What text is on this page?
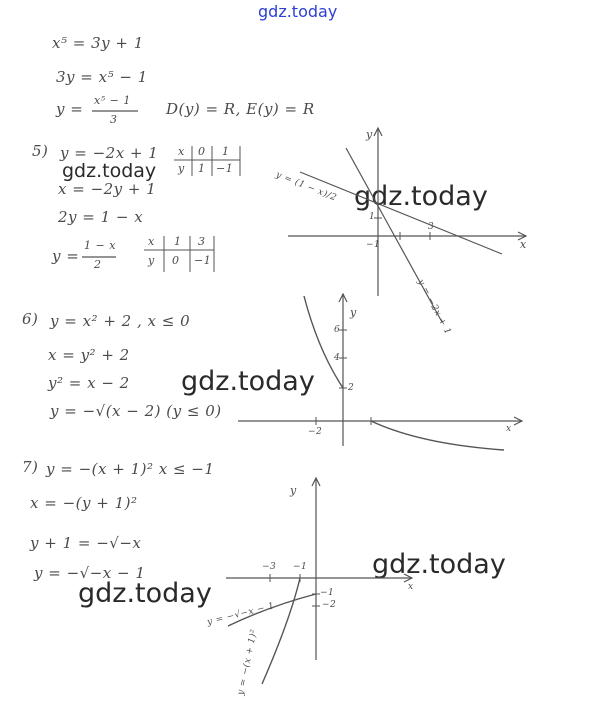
gdz.today
gdz.today
gdz.today
gdz.today
gdz.today
gdz.today
x⁵ = 3y + 1
3y = x⁵ − 1
y = x⁵ − 1
3
D(y) = R, E(y) = R
5) y = −2x + 1 x 0 1
y 1 −1
x = −2y + 1
2y = 1 − x
y =
1 − x
2
x 1 3
y 0 −1
y
x
1
−1
3
y = (1 − x)/2
y = −2x + 1
6) y = x² + 2 , x ≤ 0
x = y² + 2
y² = x − 2
y = −√(x − 2) (y ≤ 0)
y
x
6
4
2
−2
7) y = −(x + 1)² x ≤ −1
x = −(y + 1)²
y + 1 = −√−x
y = −√−x − 1
y
x
−3 −1
−1
−2
y = −√−x − 1
y = −(x + 1)²
